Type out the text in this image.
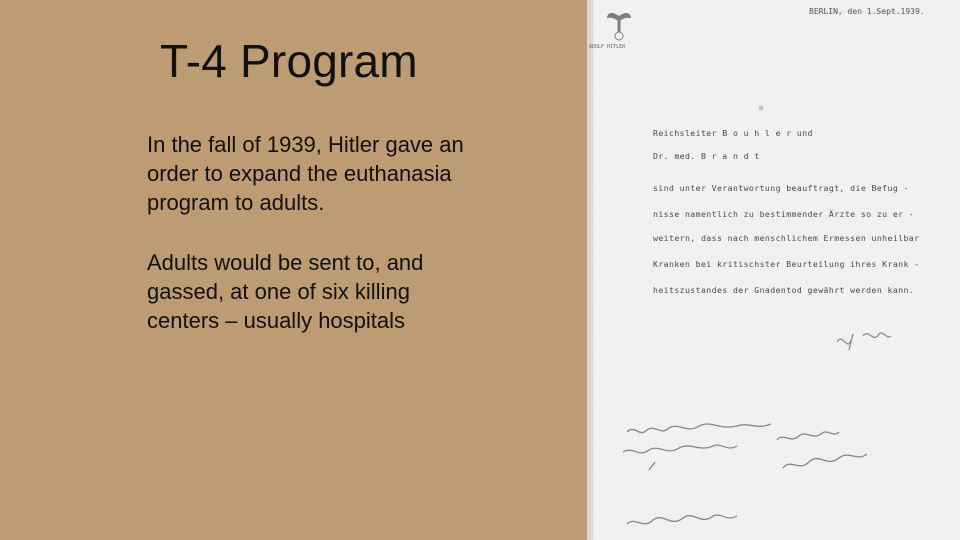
T-4 Program

In the fall of 1939, Hitler gave an order to expand the euthanasia program to adults.

Adults would be sent to, and gassed, at one of six killing centers – usually hospitals

BERLIN, den 1.Sept.1939.
ADOLF HITLER
Reichsleiter B o u h l e r und
Dr. med. B r a n d t
sind unter Verantwortung beauftragt, die Befug -
nisse namentlich zu bestimmender Ärzte so zu er -
weitern, dass nach menschlichem Ermessen unheilbar
Kranken bei kritischster Beurteilung ihres Krank -
heitszustandes der Gnadentod gewährt werden kann.
